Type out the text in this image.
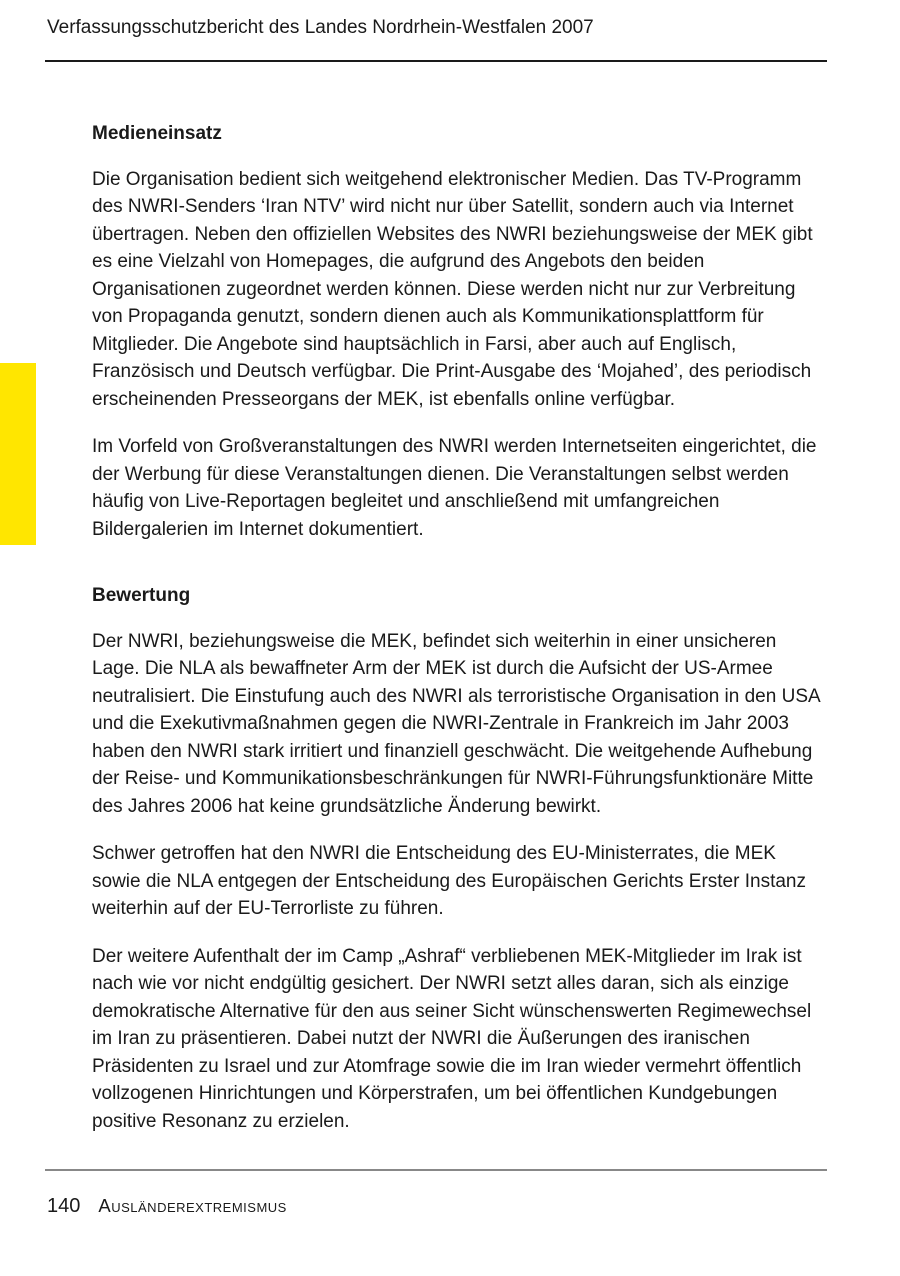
Verfassungsschutzbericht des Landes Nordrhein-Westfalen 2007
Medieneinsatz

Die Organisation bedient sich weitgehend elektronischer Medien. Das TV-Programm des NWRI-Senders ‘Iran NTV’ wird nicht nur über Satellit, sondern auch via Internet übertragen. Neben den offiziellen Websites des NWRI beziehungsweise der MEK gibt es eine Vielzahl von Homepages, die aufgrund des Angebots den beiden Organisationen zugeordnet werden können. Diese werden nicht nur zur Verbreitung von Propaganda genutzt, sondern dienen auch als Kommunikationsplattform für Mitglieder. Die Angebote sind hauptsächlich in Farsi, aber auch auf Englisch, Französisch und Deutsch verfügbar. Die Print-Ausgabe des ‘Mojahed’, des periodisch erscheinenden Presseorgans der MEK, ist ebenfalls online verfügbar.

Im Vorfeld von Großveranstaltungen des NWRI werden Internetseiten eingerichtet, die der Werbung für diese Veranstaltungen dienen. Die Veranstaltungen selbst werden häufig von Live-Reportagen begleitet und anschließend mit umfangreichen Bildergalerien im Internet dokumentiert.

Bewertung

Der NWRI, beziehungsweise die MEK, befindet sich weiterhin in einer unsicheren Lage. Die NLA als bewaffneter Arm der MEK ist durch die Aufsicht der US-Armee neutralisiert. Die Einstufung auch des NWRI als terroristische Organisation in den USA und die Exekutivmaßnahmen gegen die NWRI-Zentrale in Frankreich im Jahr 2003 haben den NWRI stark irritiert und finanziell geschwächt. Die weitgehende Aufhebung der Reise- und Kommunikationsbeschränkungen für NWRI-Führungsfunktionäre Mitte des Jahres 2006 hat keine grundsätzliche Änderung bewirkt.

Schwer getroffen hat den NWRI die Entscheidung des EU-Ministerrates, die MEK sowie die NLA entgegen der Entscheidung des Europäischen Gerichts Erster Instanz weiterhin auf der EU-Terrorliste zu führen.

Der weitere Aufenthalt der im Camp „Ashraf“ verbliebenen MEK-Mitglieder im Irak ist nach wie vor nicht endgültig gesichert. Der NWRI setzt alles daran, sich als einzige demokratische Alternative für den aus seiner Sicht wünschenswerten Regimewechsel im Iran zu präsentieren. Dabei nutzt der NWRI die Äußerungen des iranischen Präsidenten zu Israel und zur Atomfrage sowie die im Iran wieder vermehrt öffentlich vollzogenen Hinrichtungen und Körperstrafen, um bei öffentlichen Kundgebungen positive Resonanz zu erzielen.

140 Ausländerextremismus
